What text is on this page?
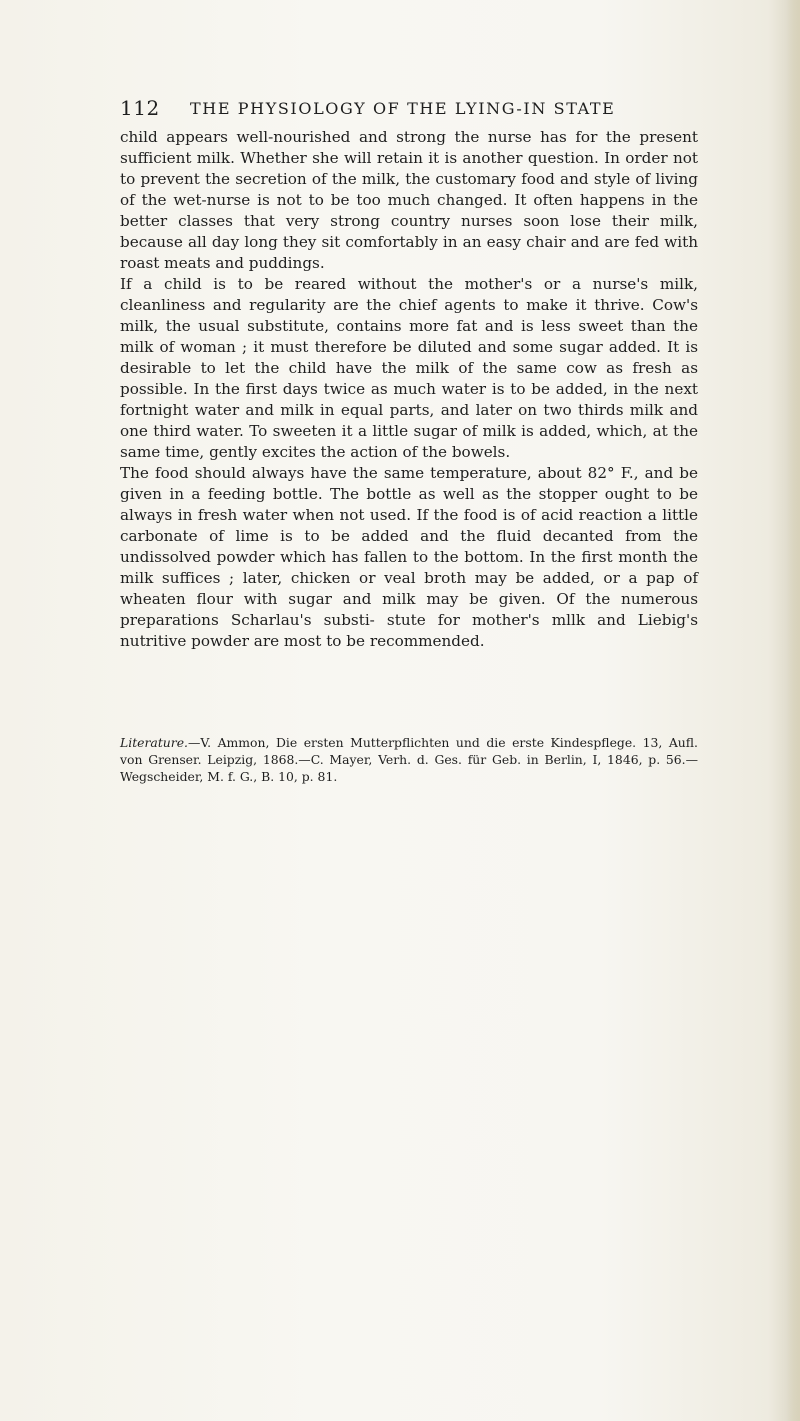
112 THE PHYSIOLOGY OF THE LYING-IN STATE

child appears well-nourished and strong the nurse has for the present sufficient milk. Whether she will retain it is another question. In order not to prevent the secretion of the milk, the customary food and style of living of the wet-nurse is not to be too much changed. It often happens in the better classes that very strong country nurses soon lose their milk, because all day long they sit comfortably in an easy chair and are fed with roast meats and puddings.

If a child is to be reared without the mother's or a nurse's milk, cleanliness and regularity are the chief agents to make it thrive. Cow's milk, the usual substitute, contains more fat and is less sweet than the milk of woman ; it must therefore be diluted and some sugar added. It is desirable to let the child have the milk of the same cow as fresh as possible. In the first days twice as much water is to be added, in the next fortnight water and milk in equal parts, and later on two thirds milk and one third water. To sweeten it a little sugar of milk is added, which, at the same time, gently excites the action of the bowels.

The food should always have the same temperature, about 82° F., and be given in a feeding bottle. The bottle as well as the stopper ought to be always in fresh water when not used. If the food is of acid reaction a little carbonate of lime is to be added and the fluid decanted from the undissolved powder which has fallen to the bottom. In the first month the milk suffices ; later, chicken or veal broth may be added, or a pap of wheaten flour with sugar and milk may be given. Of the numerous preparations Scharlau's substi- stute for mother's mllk and Liebig's nutritive powder are most to be recommended.

Literature.—V. Ammon, Die ersten Mutterpflichten und die erste Kindespflege. 13, Aufl. von Grenser. Leipzig, 1868.—C. Mayer, Verh. d. Ges. für Geb. in Berlin, I, 1846, p. 56.—Wegscheider, M. f. G., B. 10, p. 81.
